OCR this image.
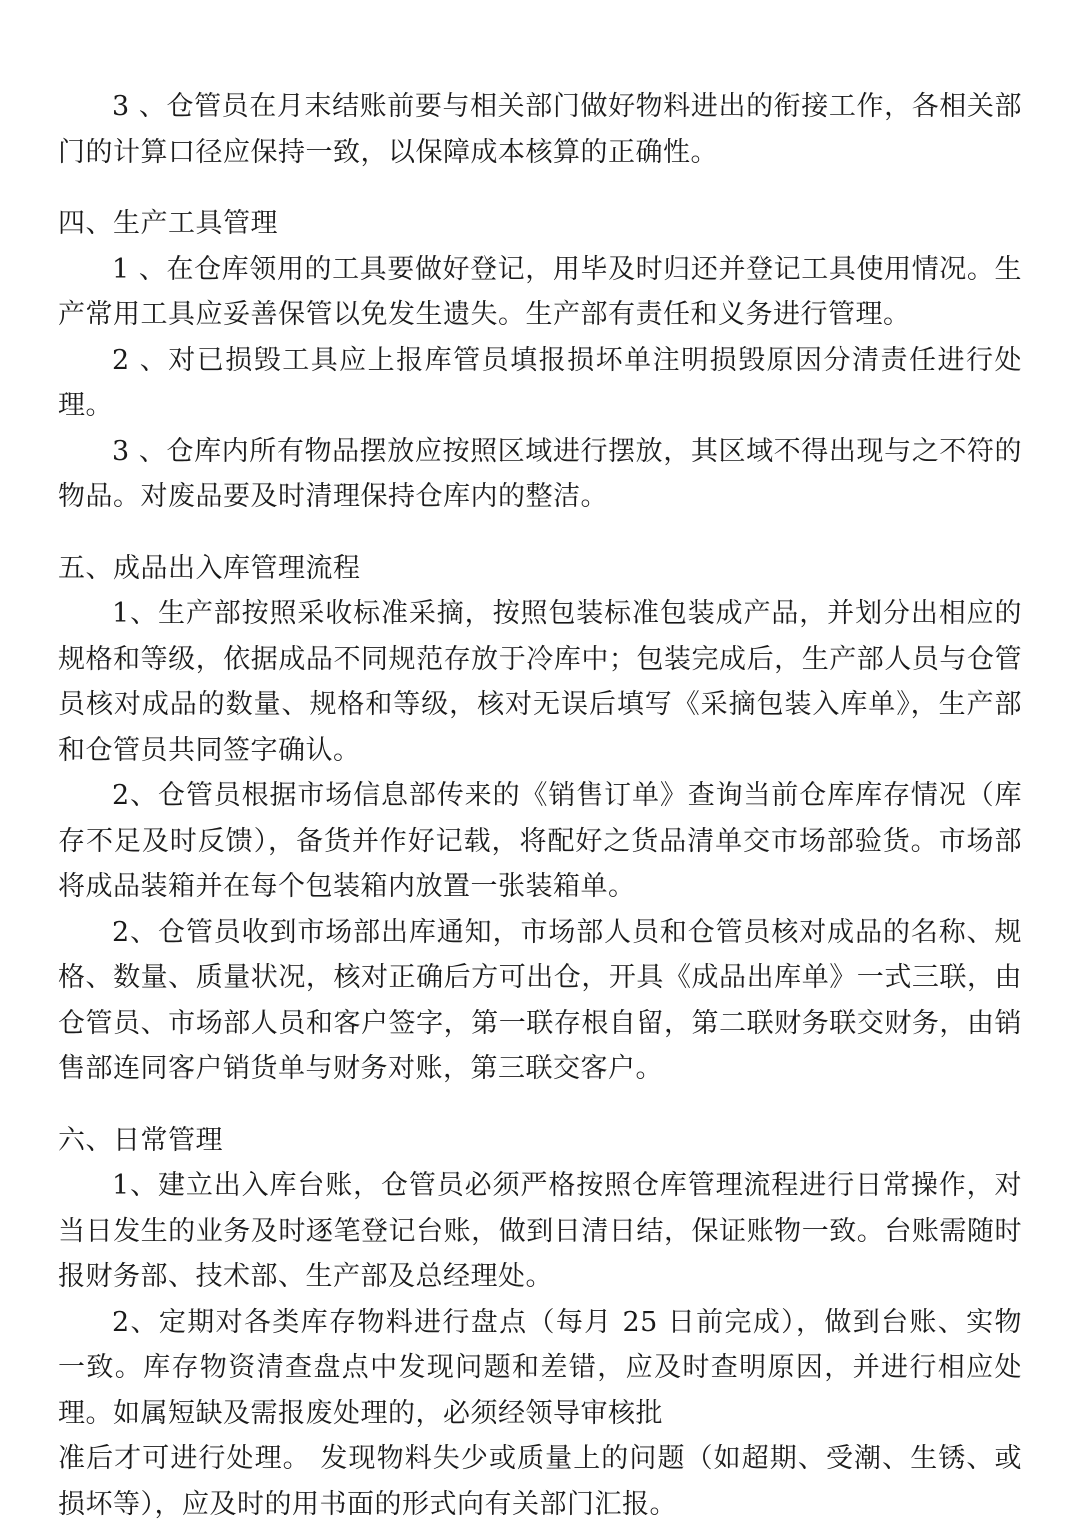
3 、仓管员在月末结账前要与相关部门做好物料进出的衔接工作，各相关部门的计算口径应保持一致，以保障成本核算的正确性。

四、生产工具管理

1 、在仓库领用的工具要做好登记，用毕及时归还并登记工具使用情况。生产常用工具应妥善保管以免发生遗失。生产部有责任和义务进行管理。

2 、对已损毁工具应上报库管员填报损坏单注明损毁原因分清责任进行处理。

3 、仓库内所有物品摆放应按照区域进行摆放，其区域不得出现与之不符的物品。对废品要及时清理保持仓库内的整洁。

五、成品出入库管理流程

1、生产部按照采收标准采摘，按照包装标准包装成产品，并划分出相应的规格和等级，依据成品不同规范存放于冷库中；包装完成后，生产部人员与仓管员核对成品的数量、规格和等级，核对无误后填写《采摘包装入库单》，生产部和仓管员共同签字确认。

2、仓管员根据市场信息部传来的《销售订单》查询当前仓库库存情况（库存不足及时反馈），备货并作好记载，将配好之货品清单交市场部验货。市场部将成品装箱并在每个包装箱内放置一张装箱单。

2、仓管员收到市场部出库通知，市场部人员和仓管员核对成品的名称、规格、数量、质量状况，核对正确后方可出仓，开具《成品出库单》一式三联，由仓管员、市场部人员和客户签字，第一联存根自留，第二联财务联交财务，由销售部连同客户销货单与财务对账，第三联交客户。

六、日常管理

1、建立出入库台账，仓管员必须严格按照仓库管理流程进行日常操作，对当日发生的业务及时逐笔登记台账，做到日清日结，保证账物一致。台账需随时报财务部、技术部、生产部及总经理处。

2、定期对各类库存物料进行盘点（每月 25 日前完成），做到台账、实物一致。库存物资清查盘点中发现问题和差错，应及时查明原因，并进行相应处理。如属短缺及需报废处理的，必须经领导审核批

准后才可进行处理。 发现物料失少或质量上的问题（如超期、受潮、生锈、或损坏等），应及时的用书面的形式向有关部门汇报。
